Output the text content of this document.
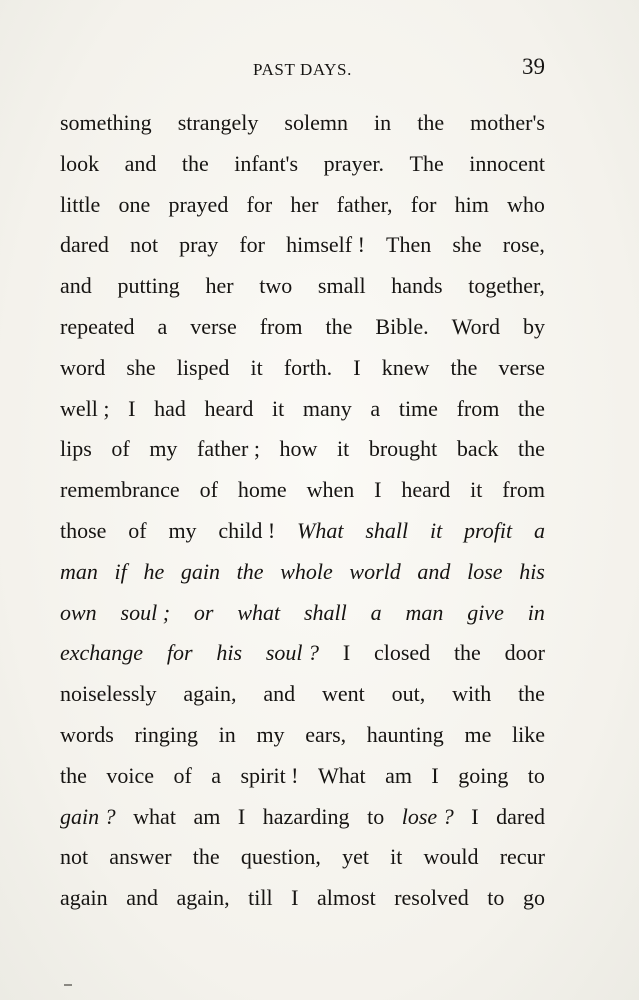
PAST DAYS.	39
something strangely solemn in the mother's
look and the infant's prayer. The innocent
little one prayed for her father, for him who
dared not pray for himself ! Then she rose,
and putting her two small hands together,
repeated a verse from the Bible. Word by
word she lisped it forth. I knew the verse
well ; I had heard it many a time from the
lips of my father ; how it brought back the
remembrance of home when I heard it from
those of my child ! What shall it profit a
man if he gain the whole world and lose his
own soul ; or what shall a man give in
exchange for his soul ? I closed the door
noiselessly again, and went out, with the
words ringing in my ears, haunting me like
the voice of a spirit ! What am I going to
gain ? what am I hazarding to lose ? I dared
not answer the question, yet it would recur
again and again, till I almost resolved to go
